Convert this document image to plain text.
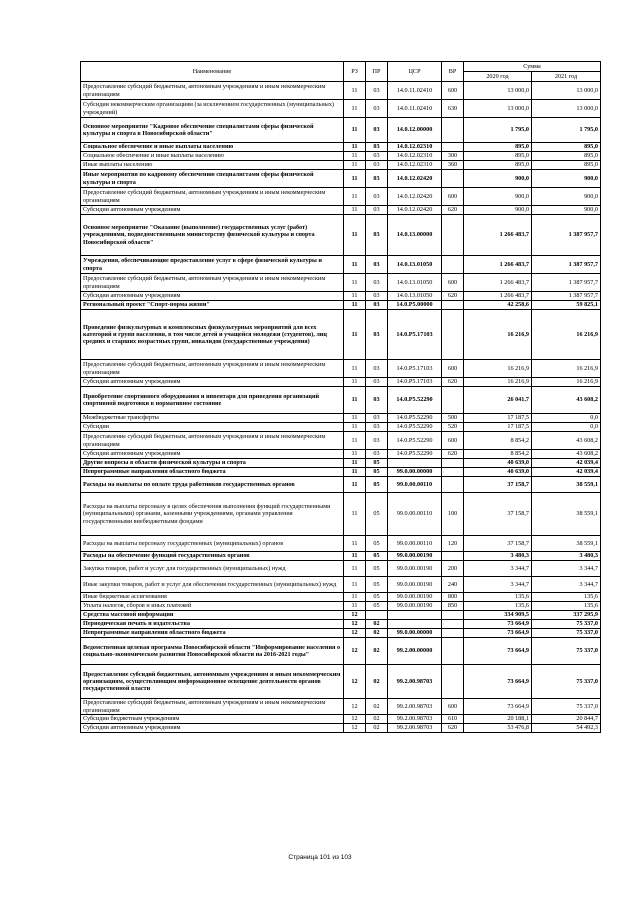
Наименование	РЗ	ПР	ЦСР	ВР	Сумма	
					2020 год	2021 год
Предоставление субсидий бюджетным, автономным учреждениям и иным некоммерческим организациям	11	03	14.0.11.02410	600	13 000,0	13 000,0
Субсидии некоммерческим организациям (за исключением государственных (муниципальных) учреждений)	11	03	14.0.11.02410	630	13 000,0	13 000,0
Основное мероприятие "Кадровое обеспечение специалистами сферы физической культуры и спорта в Новосибирской области"	11	03	14.0.12.00000		1 795,0	1 795,0
Социальное обеспечение и иные выплаты населению	11	03	14.0.12.02310		895,0	895,0
Социальное обеспечение и иные выплаты населению	11	03	14.0.12.02310	300	895,0	895,0
Иные выплаты населению	11	03	14.0.12.02310	360	895,0	895,0
Иные мероприятия по кадровому обеспечению специалистами сферы физической культуры и спорта	11	03	14.0.12.02420		900,0	900,0
Предоставление субсидий бюджетным, автономным учреждениям и иным некоммерческим организациям	11	03	14.0.12.02420	600	900,0	900,0
Субсидии автономным учреждениям	11	03	14.0.12.02420	620	900,0	900,0
Основное мероприятие "Оказание (выполнение) государственных услуг (работ) учреждениями, подведомственными министерству физической культуры и спорта Новосибирской области"	11	03	14.0.13.00000		1 266 483,7	1 387 957,7
Учреждения, обеспечивающие предоставление услуг в сфере физической культуры и спорта	11	03	14.0.13.01050		1 266 483,7	1 387 957,7
Предоставление субсидий бюджетным, автономным учреждениям и иным некоммерческим организациям	11	03	14.0.13.01050	600	1 266 483,7	1 387 957,7
Субсидии автономным учреждениям	11	03	14.0.13.01050	620	1 266 483,7	1 387 957,7
Региональный проект "Спорт-норма жизни"	11	03	14.0.P5.00000		42 258,6	59 825,1
Проведение физкультурных и комплексных физкультурных мероприятий для всех категорий и групп населения, в том числе детей и учащейся молодежи (студентов), лиц средних и старших возрастных групп, инвалидов (государственные учреждения)	11	03	14.0.P5.17103		16 216,9	16 216,9
Предоставление субсидий бюджетным, автономным учреждениям и иным некоммерческим организациям	11	03	14.0.P5.17103	600	16 216,9	16 216,9
Субсидии автономным учреждениям	11	03	14.0.P5.17103	620	16 216,9	16 216,9
Приобретение спортивного оборудования и инвентаря для приведения организаций спортивной подготовки в нормативное состояние	11	03	14.0.P5.52290		26 041,7	43 608,2
Межбюджетные трансферты	11	03	14.0.P5.52290	500	17 187,5	0,0
Субсидии	11	03	14.0.P5.52290	520	17 187,5	0,0
Предоставление субсидий бюджетным, автономным учреждениям и иным некоммерческим организациям	11	03	14.0.P5.52290	600	8 854,2	43 608,2
Субсидии автономным учреждениям	11	03	14.0.P5.52290	620	8 854,2	43 608,2
Другие вопросы в области физической культуры и спорта	11	05			40 639,0	42 039,4
Непрограммные направления областного бюджета	11	05	99.0.00.00000		40 639,0	42 039,4
Расходы на выплаты по оплате труда работников государственных органов	11	05	99.0.00.00110		37 158,7	38 559,1
Расходы на выплаты персоналу в целях обеспечения выполнения функций государственными (муниципальными) органами, казенными учреждениями, органами управления государственными внебюджетными фондами	11	05	99.0.00.00110	100	37 158,7	38 559,1
Расходы на выплаты персоналу государственных (муниципальных) органов	11	05	99.0.00.00110	120	37 158,7	38 559,1
Расходы на обеспечение функций государственных органов	11	05	99.0.00.00190		3 480,3	3 480,3
Закупка товаров, работ и услуг для государственных (муниципальных) нужд	11	05	99.0.00.00190	200	3 344,7	3 344,7
Иные закупки товаров, работ и услуг для обеспечения государственных (муниципальных) нужд	11	05	99.0.00.00190	240	3 344,7	3 344,7
Иные бюджетные ассигнования	11	05	99.0.00.00190	800	135,6	135,6
Уплата налогов, сборов и иных платежей	11	05	99.0.00.00190	850	135,6	135,6
Средства массовой информации	12				334 909,5	337 295,9
Периодическая печать и издательства	12	02			73 664,9	75 337,0
Непрограммные направления областного бюджета	12	02	99.0.00.00000		73 664,9	75 337,0
Ведомственная целевая программа Новосибирской области "Информирование населения о социально-экономическом развитии Новосибирской области на 2016-2021 годы"	12	02	99.2.00.00000		73 664,9	75 337,0
Предоставление субсидий бюджетным, автономным учреждениям и иным некоммерческим организациям, осуществляющим информационное освещение деятельности органов государственной власти	12	02	99.2.00.98703		73 664,9	75 337,0
Предоставление субсидий бюджетным, автономным учреждениям и иным некоммерческим организациям	12	02	99.2.00.98703	600	73 664,9	75 337,0
Субсидии бюджетным учреждениям	12	02	99.2.00.98703	610	20 188,1	20 844,7
Субсидии автономным учреждениям	12	02	99.2.00.98703	620	53 476,8	54 492,3
Страница 101 из 103
